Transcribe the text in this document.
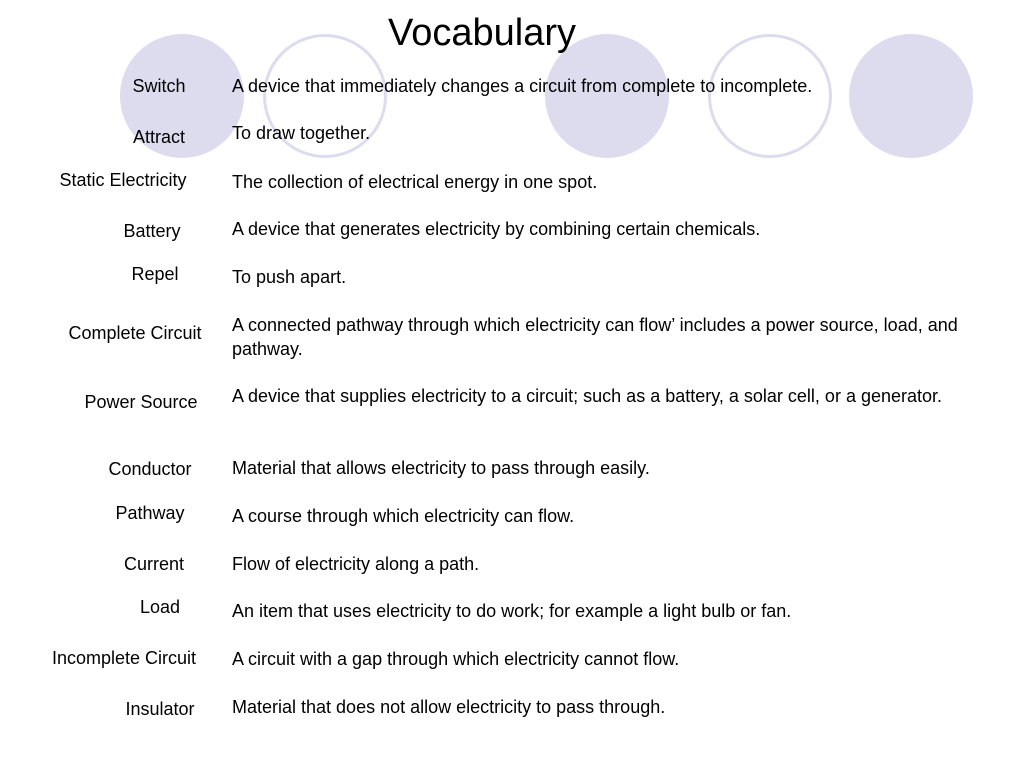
Vocabulary
Switch
Attract
Static Electricity
Battery
Repel
Complete Circuit
Power Source
Conductor
Pathway
Current
Load
Incomplete Circuit
Insulator
A device that immediately changes a circuit from complete to incomplete.
To draw together.
The collection of electrical energy in one spot.
A device that generates electricity by combining certain chemicals.
To push apart.
A connected pathway through which electricity can flow’ includes a power source, load, and pathway.
A device that supplies electricity to a circuit; such as a battery, a solar cell, or a generator.
Material that allows electricity to pass through easily.
A course through which electricity can flow.
Flow of electricity along a path.
An item that uses electricity to do work; for example a light bulb or fan.
A circuit with a gap through which electricity cannot flow.
Material that does not allow electricity to pass through.
